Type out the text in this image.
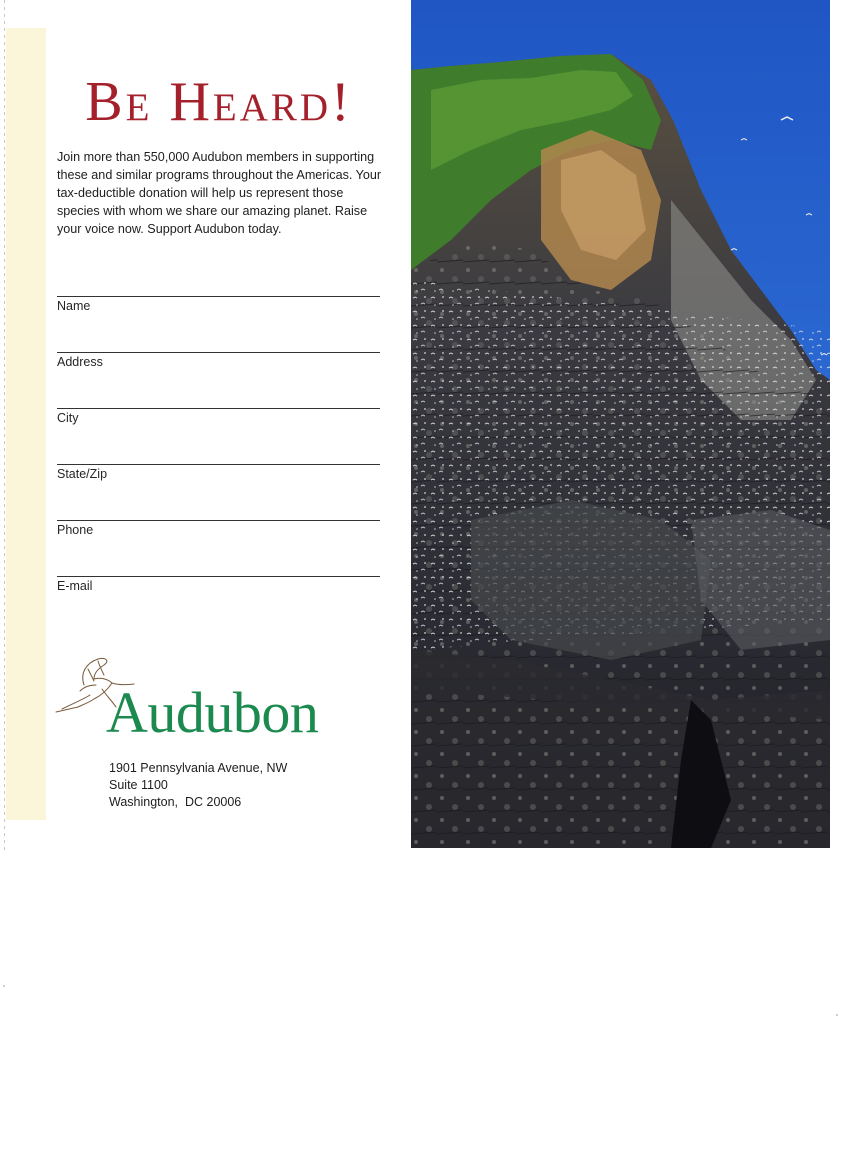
Be Heard!

Join more than 550,000 Audubon members in supporting these and similar programs throughout the Americas. Your tax-deductible donation will help us represent those species with whom we share our amazing planet. Raise your voice now. Support Audubon today.

Name
Address
City
State/Zip
Phone
E-mail
Audubon
1901 Pennsylvania Avenue, NW
Suite 1100
Washington,  DC 20006
